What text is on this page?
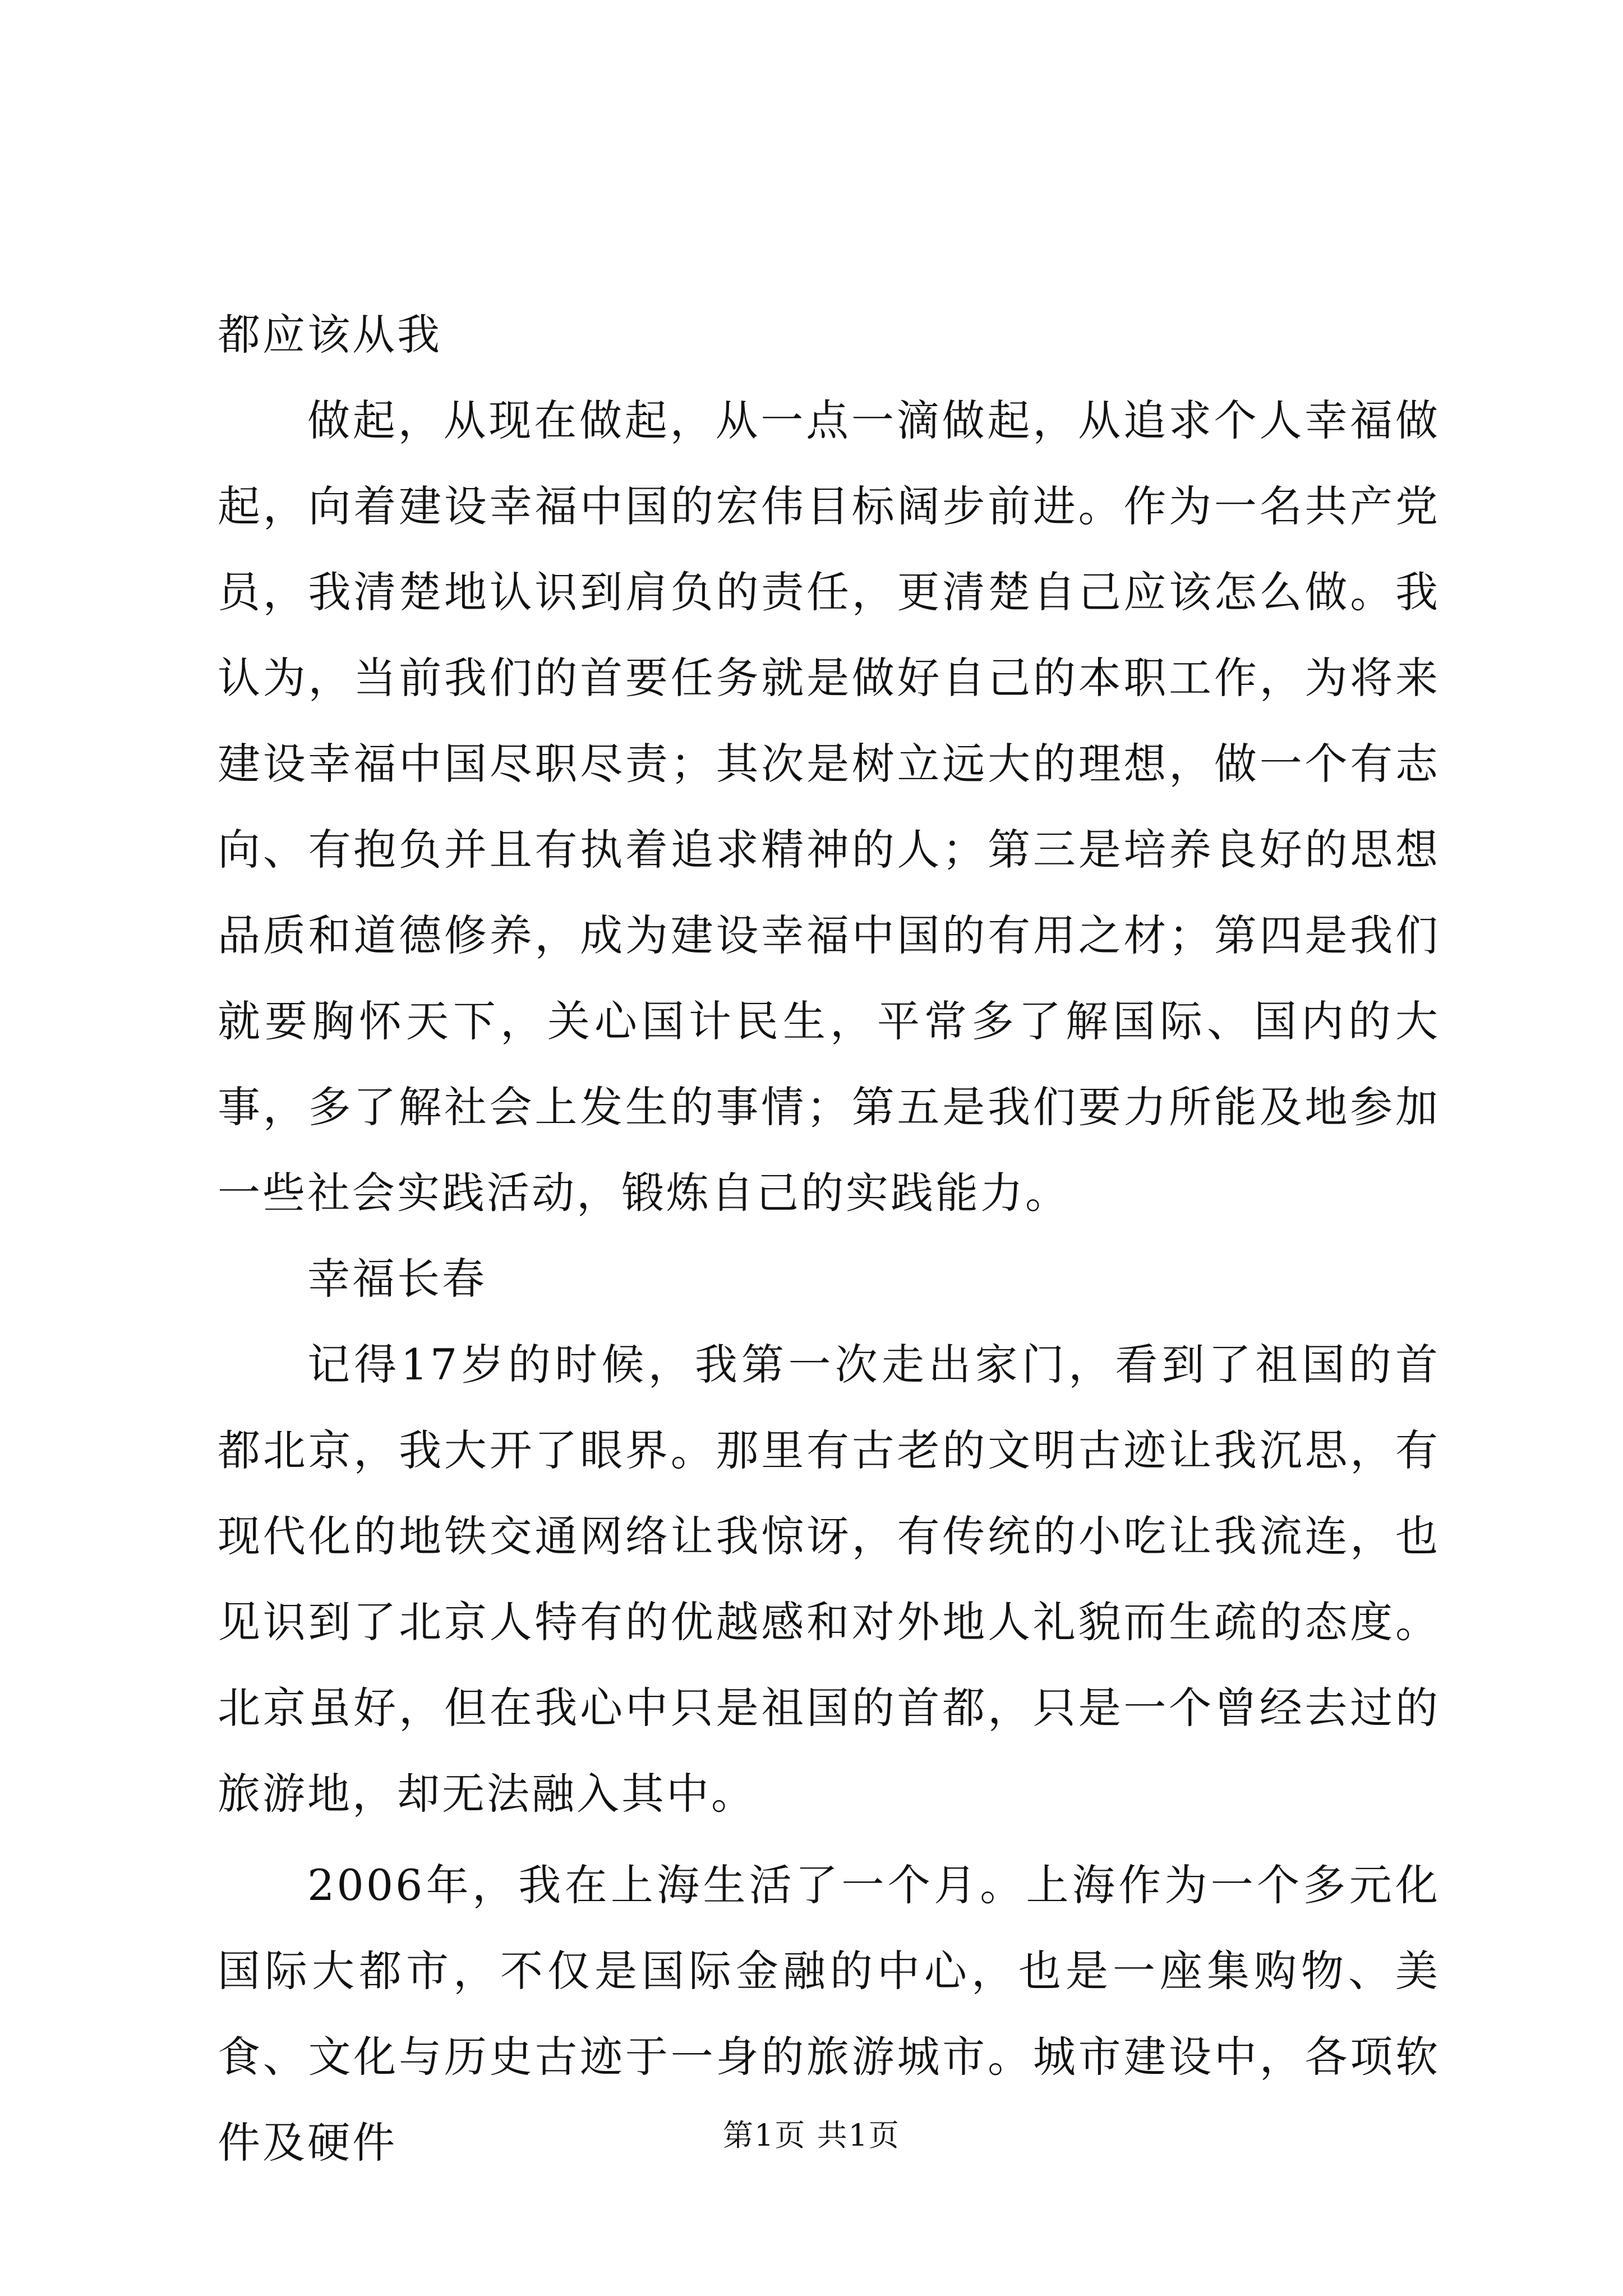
都应该从我

做起，从现在做起，从一点一滴做起，从追求个人幸福做起，向着建设幸福中国的宏伟目标阔步前进。作为一名共产党员，我清楚地认识到肩负的责任，更清楚自己应该怎么做。我认为，当前我们的首要任务就是做好自己的本职工作，为将来建设幸福中国尽职尽责；其次是树立远大的理想，做一个有志向、有抱负并且有执着追求精神的人；第三是培养良好的思想品质和道德修养，成为建设幸福中国的有用之材；第四是我们就要胸怀天下，关心国计民生，平常多了解国际、国内的大事，多了解社会上发生的事情；第五是我们要力所能及地参加一些社会实践活动，锻炼自己的实践能力。

幸福长春

记得17岁的时候，我第一次走出家门，看到了祖国的首都北京，我大开了眼界。那里有古老的文明古迹让我沉思，有现代化的地铁交通网络让我惊讶，有传统的小吃让我流连，也见识到了北京人特有的优越感和对外地人礼貌而生疏的态度。北京虽好，但在我心中只是祖国的首都，只是一个曾经去过的旅游地，却无法融入其中。

2006年，我在上海生活了一个月。上海作为一个多元化国际大都市，不仅是国际金融的中心，也是一座集购物、美食、文化与历史古迹于一身的旅游城市。城市建设中，各项软件及硬件	第1页 共1页
